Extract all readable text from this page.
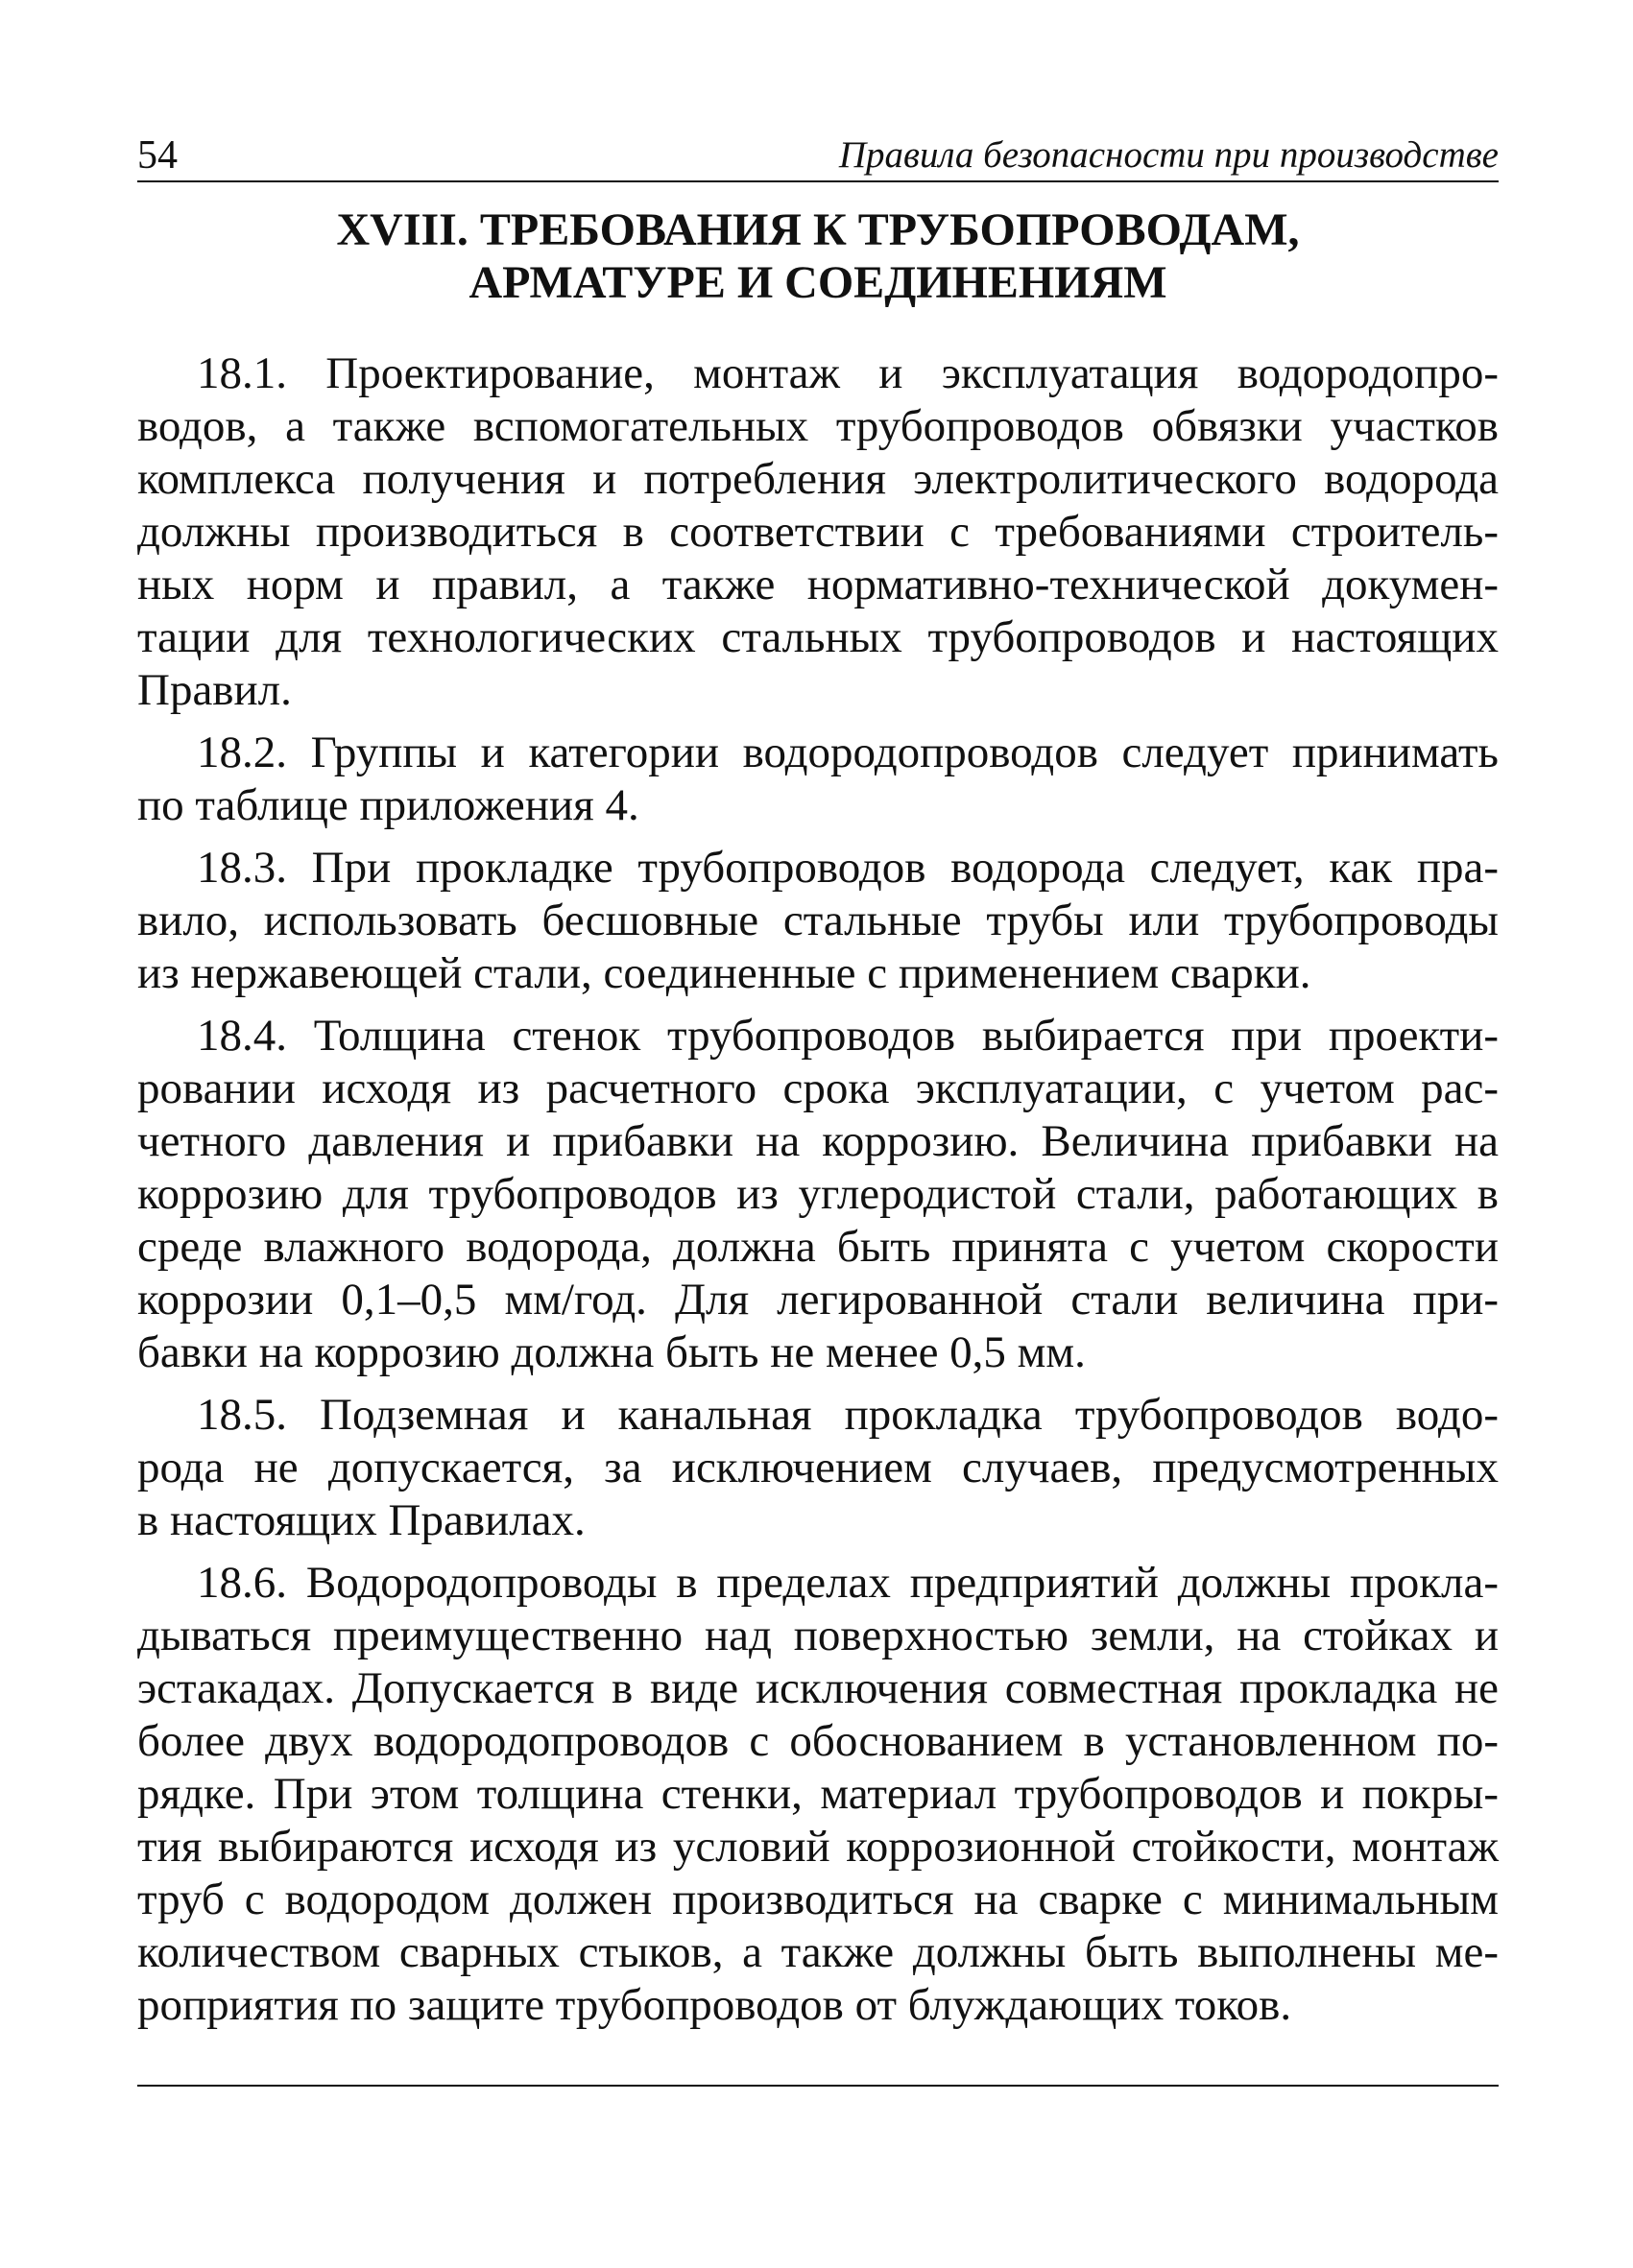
54	Правила безопасности при производстве
XVIII. ТРЕБОВАНИЯ К ТРУБОПРОВОДАМ,
АРМАТУРЕ И СОЕДИНЕНИЯМ

18.1. Проектирование, монтаж и эксплуатация водородопро-
водов, а также вспомогательных трубопроводов обвязки участков
комплекса получения и потребления электролитического водорода
должны производиться в соответствии с требованиями строитель-
ных норм и правил, а также нормативно-технической докумен-
тации для технологических стальных трубопроводов и настоящих
Правил.

18.2. Группы и категории водородопроводов следует принимать
по таблице приложения 4.

18.3. При прокладке трубопроводов водорода следует, как пра-
вило, использовать бесшовные стальные трубы или трубопроводы
из нержавеющей стали, соединенные с применением сварки.

18.4. Толщина стенок трубопроводов выбирается при проекти-
ровании исходя из расчетного срока эксплуатации, с учетом рас-
четного давления и прибавки на коррозию. Величина прибавки на
коррозию для трубопроводов из углеродистой стали, работающих в
среде влажного водорода, должна быть принята с учетом скорости
коррозии 0,1–0,5 мм/год. Для легированной стали величина при-
бавки на коррозию должна быть не менее 0,5 мм.

18.5. Подземная и канальная прокладка трубопроводов водо-
рода не допускается, за исключением случаев, предусмотренных
в настоящих Правилах.

18.6. Водородопроводы в пределах предприятий должны прокла-
дываться преимущественно над поверхностью земли, на стойках и
эстакадах. Допускается в виде исключения совместная прокладка не
более двух водородопроводов с обоснованием в установленном по-
рядке. При этом толщина стенки, материал трубопроводов и покры-
тия выбираются исходя из условий коррозионной стойкости, монтаж
труб с водородом должен производиться на сварке с минимальным
количеством сварных стыков, а также должны быть выполнены ме-
роприятия по защите трубопроводов от блуждающих токов.
